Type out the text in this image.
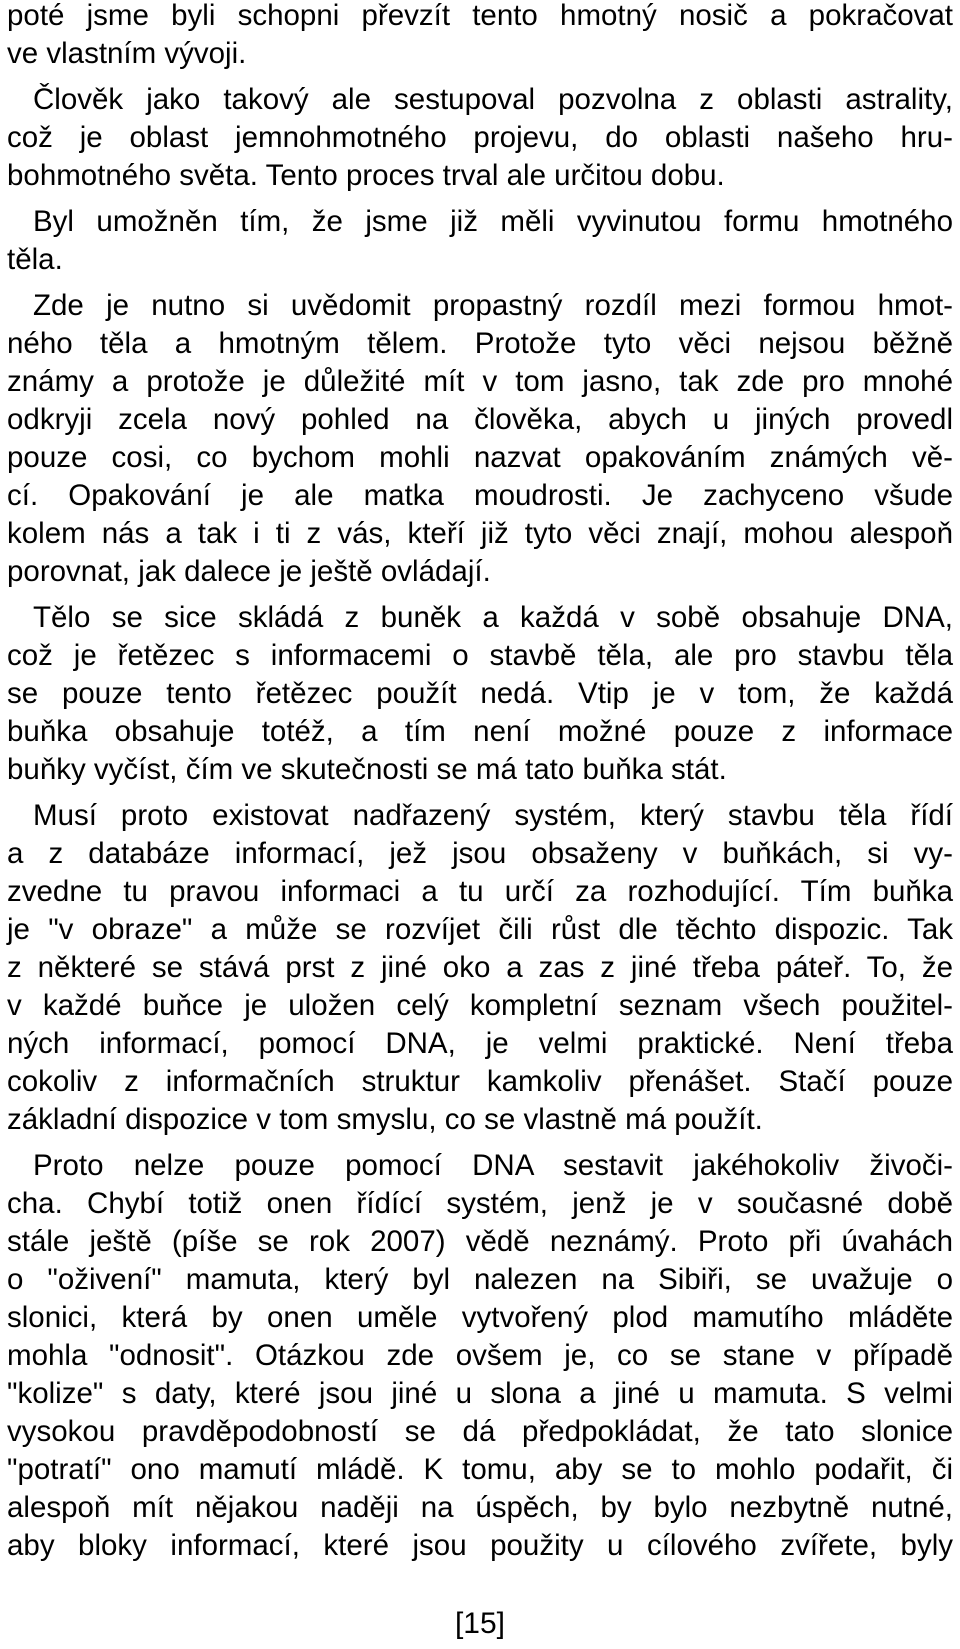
poté jsme byli schopni převzít tento hmotný nosič a pokračovat
ve vlastním vývoji.
Člověk jako takový ale sestupoval pozvolna z oblasti astrality,
což je oblast jemnohmotného projevu, do oblasti našeho hru-
bohmotného světa. Tento proces trval ale určitou dobu.
Byl umožněn tím, že jsme již měli vyvinutou formu hmotného
těla.
Zde je nutno si uvědomit propastný rozdíl mezi formou hmot-
ného těla a hmotným tělem. Protože tyto věci nejsou běžně
známy a protože je důležité mít v tom jasno, tak zde pro mnohé
odkryji zcela nový pohled na člověka, abych u jiných provedl
pouze cosi, co bychom mohli nazvat opakováním známých vě-
cí. Opakování je ale matka moudrosti. Je zachyceno všude
kolem nás a tak i ti z vás, kteří již tyto věci znají, mohou alespoň
porovnat, jak dalece je ještě ovládají.
Tělo se sice skládá z buněk a každá v sobě obsahuje DNA,
což je řetězec s informacemi o stavbě těla, ale pro stavbu těla
se pouze tento řetězec použít nedá. Vtip je v tom, že každá
buňka obsahuje totéž, a tím není možné pouze z informace
buňky vyčíst, čím ve skutečnosti se má tato buňka stát.
Musí proto existovat nadřazený systém, který stavbu těla řídí
a z databáze informací, jež jsou obsaženy v buňkách, si vy-
zvedne tu pravou informaci a tu určí za rozhodující. Tím buňka
je "v obraze" a může se rozvíjet čili růst dle těchto dispozic. Tak
z některé se stává prst z jiné oko a zas z jiné třeba páteř. To, že
v každé buňce je uložen celý kompletní seznam všech použitel-
ných informací, pomocí DNA, je velmi praktické. Není třeba
cokoliv z informačních struktur kamkoliv přenášet. Stačí pouze
základní dispozice v tom smyslu, co se vlastně má použít.
Proto nelze pouze pomocí DNA sestavit jakéhokoliv živoči-
cha. Chybí totiž onen řídící systém, jenž je v současné době
stále ještě (píše se rok 2007) vědě neznámý. Proto při úvahách
o "oživení" mamuta, který byl nalezen na Sibiři, se uvažuje o
slonici, která by onen uměle vytvořený plod mamutího mláděte
mohla "odnosit". Otázkou zde ovšem je, co se stane v případě
"kolize" s daty, které jsou jiné u slona a jiné u mamuta. S velmi
vysokou pravděpodobností se dá předpokládat, že tato slonice
"potratí" ono mamutí mládě. K tomu, aby se to mohlo podařit, či
alespoň mít nějakou naději na úspěch, by bylo nezbytně nutné,
aby bloky informací, které jsou použity u cílového zvířete, byly
[15]
